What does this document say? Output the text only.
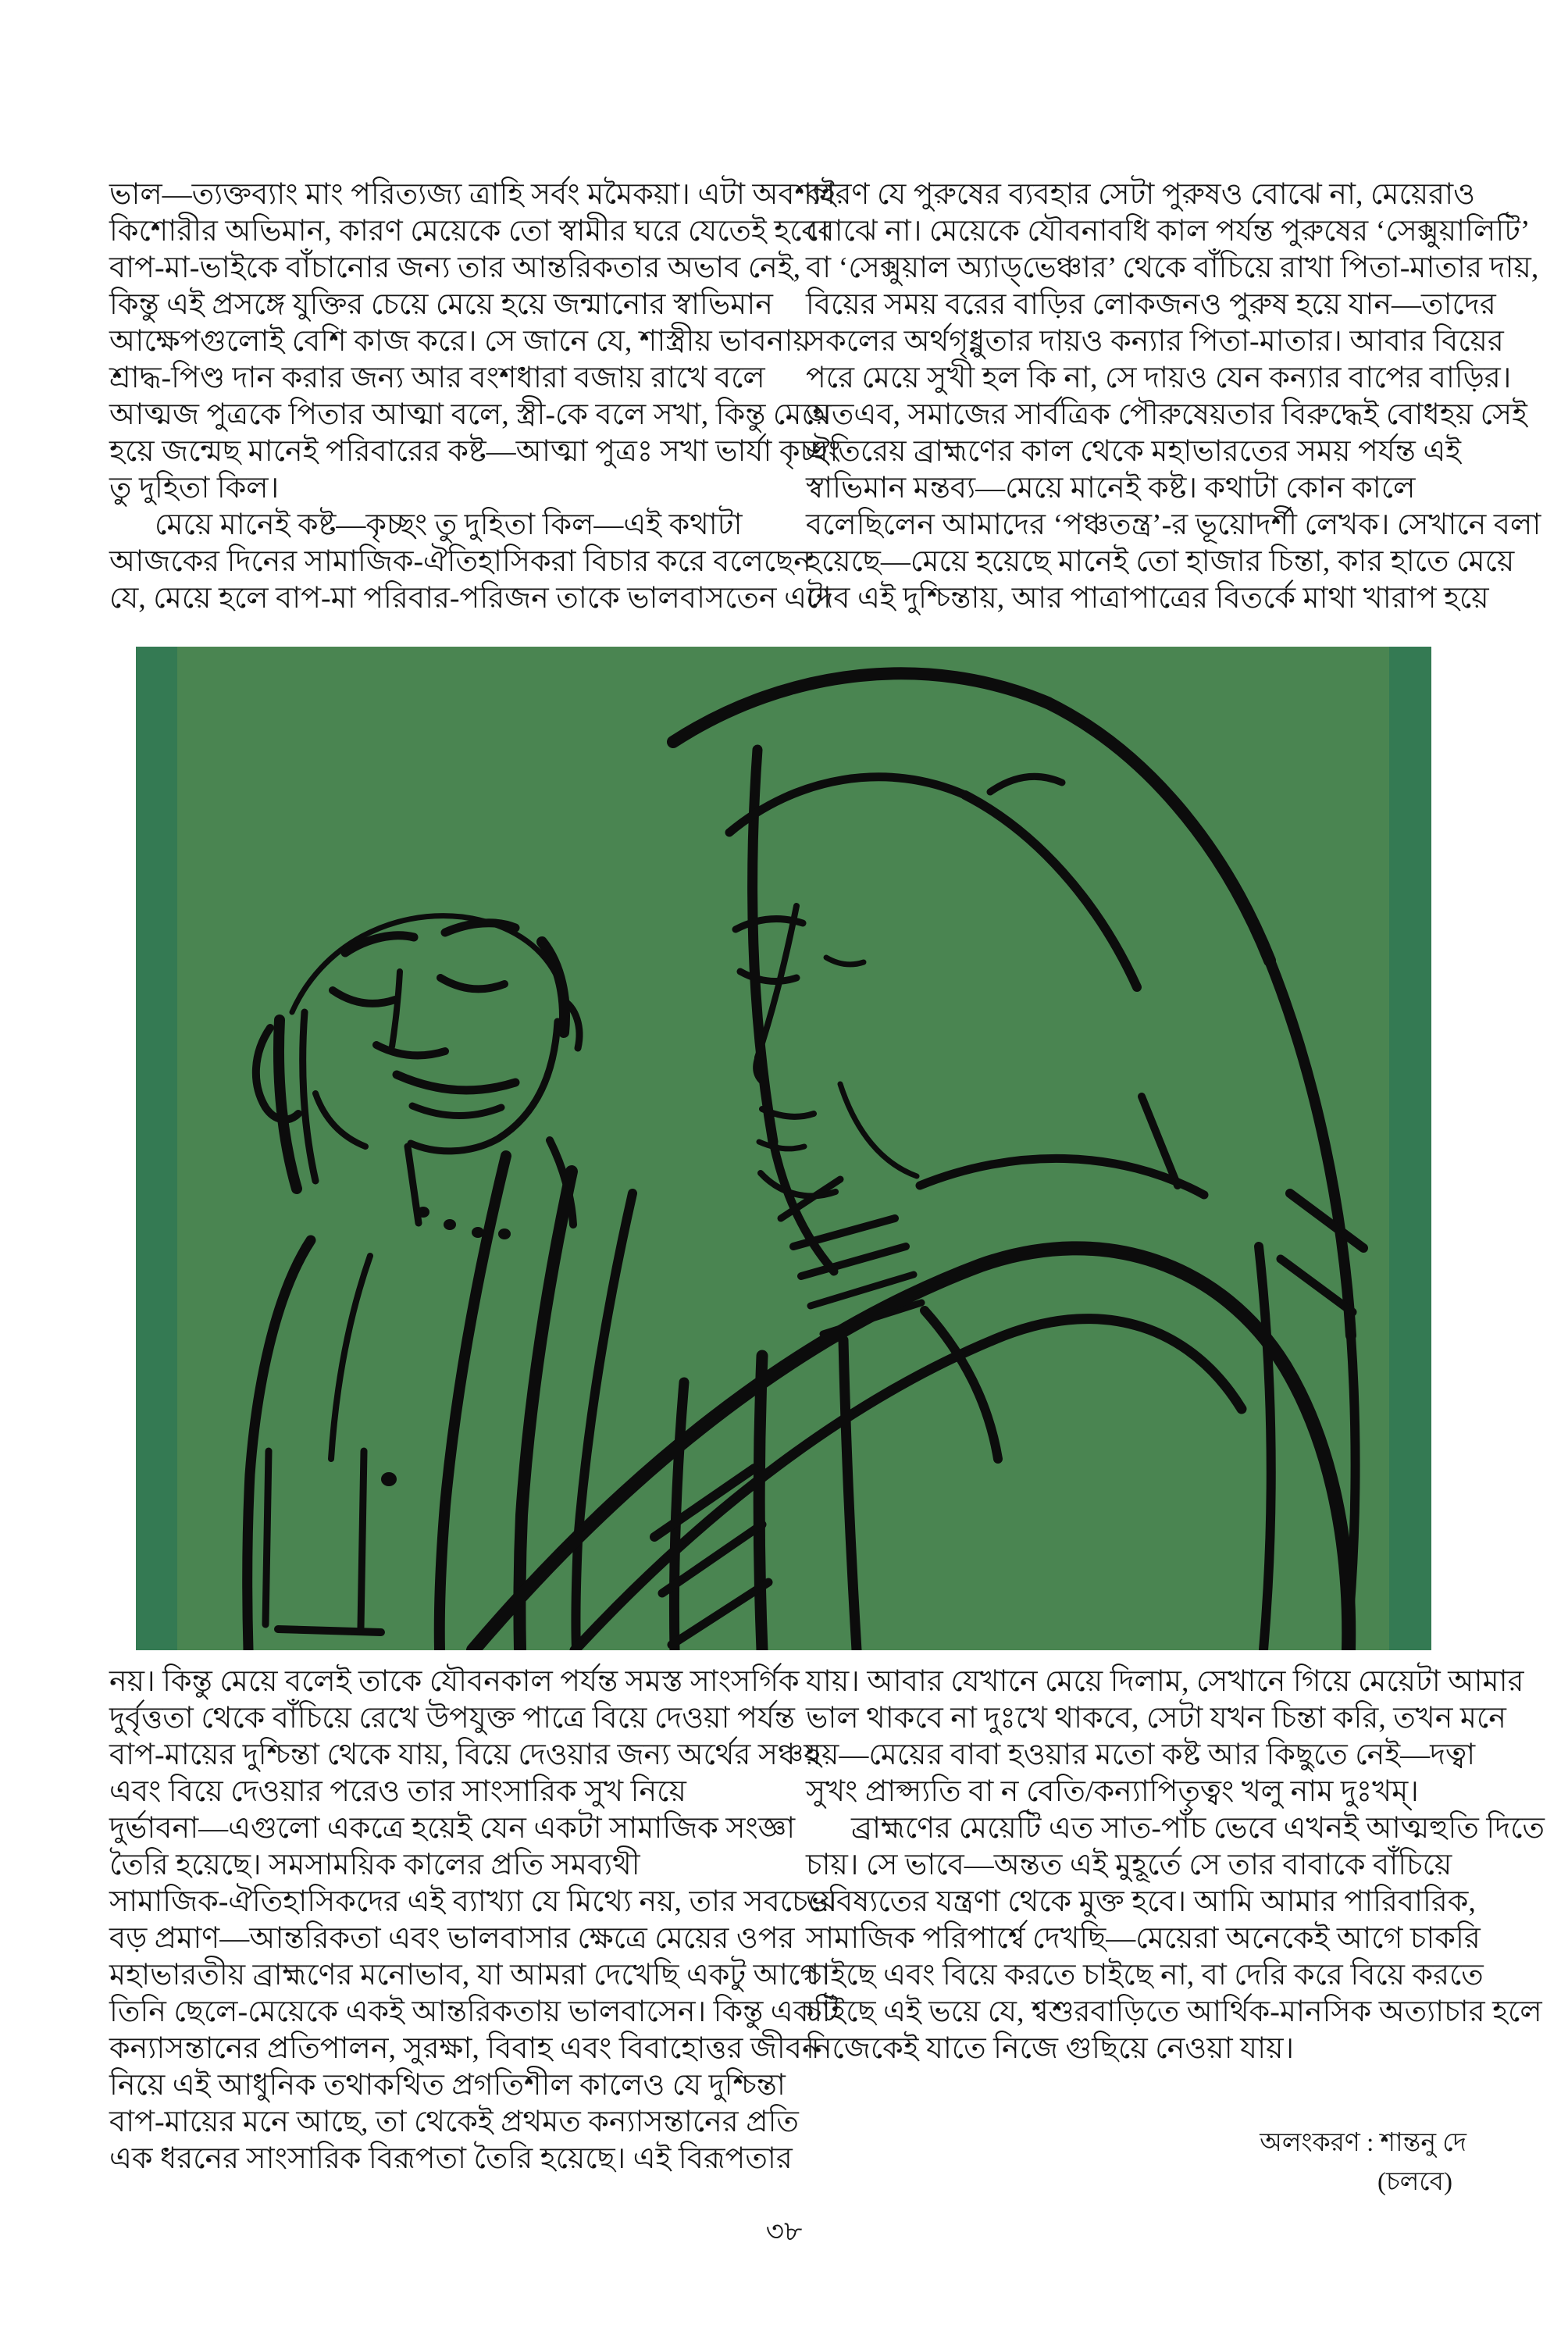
ভাল—ত্যক্তব্যাং মাং পরিত্যজ্য ত্রাহি সর্বং মমৈকয়া। এটা অবশ্যই
কিশোরীর অভিমান, কারণ মেয়েকে তো স্বামীর ঘরে যেতেই হবে।
বাপ-মা-ভাইকে বাঁচানোর জন্য তার আন্তরিকতার অভাব নেই,
কিন্তু এই প্রসঙ্গে যুক্তির চেয়ে মেয়ে হয়ে জন্মানোর স্বাভিমান
আক্ষেপগুলোই বেশি কাজ করে। সে জানে যে, শাস্ত্রীয় ভাবনায়
শ্রাদ্ধ-পিণ্ড দান করার জন্য আর বংশধারা বজায় রাখে বলে
আত্মজ পুত্রকে পিতার আত্মা বলে, স্ত্রী-কে বলে সখা, কিন্তু মেয়ে
হয়ে জন্মেছ মানেই পরিবারের কষ্ট—আত্মা পুত্রঃ সখা ভার্যা কৃচ্ছং
তু দুহিতা কিল।
মেয়ে মানেই কষ্ট—কৃচ্ছং তু দুহিতা কিল—এই কথাটা
আজকের দিনের সামাজিক-ঐতিহাসিকরা বিচার করে বলেছেন
যে, মেয়ে হলে বাপ-মা পরিবার-পরিজন তাকে ভালবাসতেন এটা
কারণ যে পুরুষের ব্যবহার সেটা পুরুষও বোঝে না, মেয়েরাও
বোঝে না। মেয়েকে যৌবনাবধি কাল পর্যন্ত পুরুষের ‘সেক্সুয়ালিটি’
বা ‘সেক্সুয়াল অ্যাড্‌ভেঞ্চার’ থেকে বাঁচিয়ে রাখা পিতা-মাতার দায়,
বিয়ের সময় বরের বাড়ির লোকজনও পুরুষ হয়ে যান—তাদের
সকলের অর্থগৃধ্নুতার দায়ও কন্যার পিতা-মাতার। আবার বিয়ের
পরে মেয়ে সুখী হল কি না, সে দায়ও যেন কন্যার বাপের বাড়ির।
অতএব, সমাজের সার্বত্রিক পৌরুষেয়তার বিরুদ্ধেই বোধহয় সেই
ঐতিরেয় ব্রাহ্মণের কাল থেকে মহাভারতের সময় পর্যন্ত এই
স্বাভিমান মন্তব্য—মেয়ে মানেই কষ্ট। কথাটা কোন কালে
বলেছিলেন আমাদের ‘পঞ্চতন্ত্র’-র ভূয়োদর্শী লেখক। সেখানে বলা
হয়েছে—মেয়ে হয়েছে মানেই তো হাজার চিন্তা, কার হাতে মেয়ে
দেব এই দুশ্চিন্তায়, আর পাত্রাপাত্রের বিতর্কে মাথা খারাপ হয়ে
নয়। কিন্তু মেয়ে বলেই তাকে যৌবনকাল পর্যন্ত সমস্ত সাংসর্গিক
দুর্বৃত্ততা থেকে বাঁচিয়ে রেখে উপযুক্ত পাত্রে বিয়ে দেওয়া পর্যন্ত
বাপ-মায়ের দুশ্চিন্তা থেকে যায়, বিয়ে দেওয়ার জন্য অর্থের সঞ্চয়
এবং বিয়ে দেওয়ার পরেও তার সাংসারিক সুখ নিয়ে
দুর্ভাবনা—এগুলো একত্রে হয়েই যেন একটা সামাজিক সংজ্ঞা
তৈরি হয়েছে। সমসাময়িক কালের প্রতি সমব্যথী
সামাজিক-ঐতিহাসিকদের এই ব্যাখ্যা যে মিথ্যে নয়, তার সবচেয়ে
বড় প্রমাণ—আন্তরিকতা এবং ভালবাসার ক্ষেত্রে মেয়ের ওপর
মহাভারতীয় ব্রাহ্মণের মনোভাব, যা আমরা দেখেছি একটু আগে।
তিনি ছেলে-মেয়েকে একই আন্তরিকতায় ভালবাসেন। কিন্তু একটি
কন্যাসন্তানের প্রতিপালন, সুরক্ষা, বিবাহ এবং বিবাহোত্তর জীবন
নিয়ে এই আধুনিক তথাকথিত প্রগতিশীল কালেও যে দুশ্চিন্তা
বাপ-মায়ের মনে আছে, তা থেকেই প্রথমত কন্যাসন্তানের প্রতি
এক ধরনের সাংসারিক বিরূপতা তৈরি হয়েছে। এই বিরূপতার
যায়। আবার যেখানে মেয়ে দিলাম, সেখানে গিয়ে মেয়েটা আমার
ভাল থাকবে না দুঃখে থাকবে, সেটা যখন চিন্তা করি, তখন মনে
হয়—মেয়ের বাবা হওয়ার মতো কষ্ট আর কিছুতে নেই—দত্বা
সুখং প্রাপ্স্যতি বা ন বেতি/কন্যাপিতৃত্বং খলু নাম দুঃখম্।
ব্রাহ্মণের মেয়েটি এত সাত-পাঁচ ভেবে এখনই আত্মহুতি দিতে
চায়। সে ভাবে—অন্তত এই মুহূর্তে সে তার বাবাকে বাঁচিয়ে
ভবিষ্যতের যন্ত্রণা থেকে মুক্ত হবে। আমি আমার পারিবারিক,
সামাজিক পরিপার্শ্বে দেখছি—মেয়েরা অনেকেই আগে চাকরি
চাইছে এবং বিয়ে করতে চাইছে না, বা দেরি করে বিয়ে করতে
চাইছে এই ভয়ে যে, শ্বশুরবাড়িতে আর্থিক-মানসিক অত্যাচার হলে
নিজেকেই যাতে নিজে গুছিয়ে নেওয়া যায়।
অলংকরণ : শান্তনু দে
(চলবে)
৩৮
